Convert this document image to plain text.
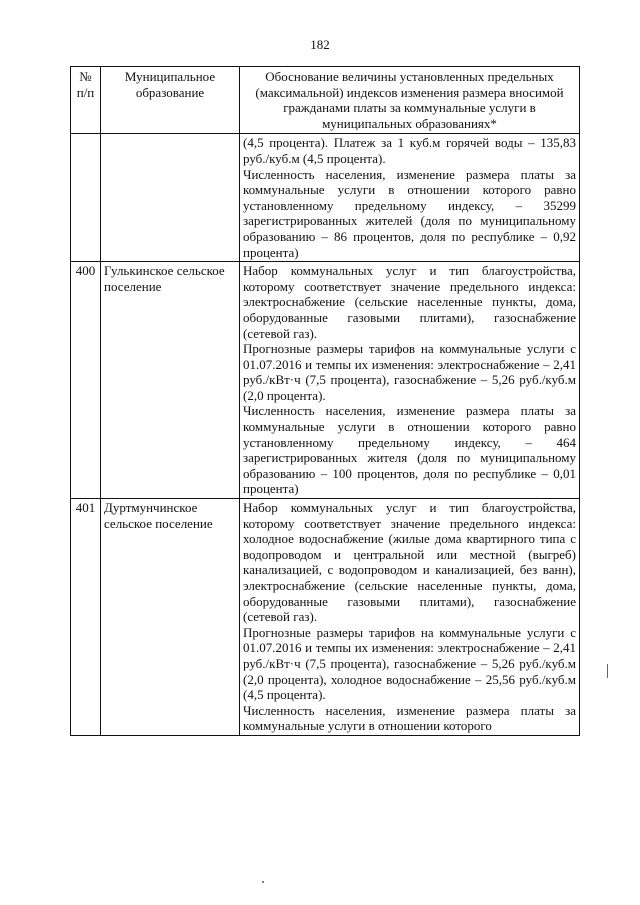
182
№ п/п	Муниципальное образование	Обоснование величины установленных предельных (максимальной) индексов изменения размера вносимой гражданами платы за коммунальные услуги в муниципальных образованиях*

		(4,5 процента). Платеж за 1 куб.м горячей воды – 135,83 руб./куб.м (4,5 процента).

Численность населения, изменение размера платы за коммунальные услуги в отношении которого равно установленному предельному индексу, – 35299 зарегистрированных жителей (доля по муниципальному образованию – 86 процентов, доля по республике – 0,92 процента)

400	Гулькинское сельское поселение	Набор коммунальных услуг и тип благоустройства, которому соответствует значение предельного индекса: электроснабжение (сельские населенные пункты, дома, оборудованные газовыми плитами), газоснабжение (сетевой газ).

Прогнозные размеры тарифов на коммунальные услуги с 01.07.2016 и темпы их изменения: электроснабжение – 2,41 руб./кВт·ч (7,5 процента), газоснабжение – 5,26 руб./куб.м (2,0 процента).

Численность населения, изменение размера платы за коммунальные услуги в отношении которого равно установленному предельному индексу, – 464 зарегистрированных жителя (доля по муниципальному образованию – 100 процентов, доля по республике – 0,01 процента)

401	Дуртмунчинское сельское поселение	Набор коммунальных услуг и тип благоустройства, которому соответствует значение предельного индекса: холодное водоснабжение (жилые дома квартирного типа с водопроводом и центральной или местной (выгреб) канализацией, с водопроводом и канализацией, без ванн), электроснабжение (сельские населенные пункты, дома, оборудованные газовыми плитами), газоснабжение (сетевой газ).

Прогнозные размеры тарифов на коммунальные услуги с 01.07.2016 и темпы их изменения: электроснабжение – 2,41 руб./кВт·ч (7,5 процента), газоснабжение – 5,26 руб./куб.м (2,0 процента), холодное водоснабжение – 25,56 руб./куб.м (4,5 процента).

Численность населения, изменение размера платы за коммунальные услуги в отношении которого
